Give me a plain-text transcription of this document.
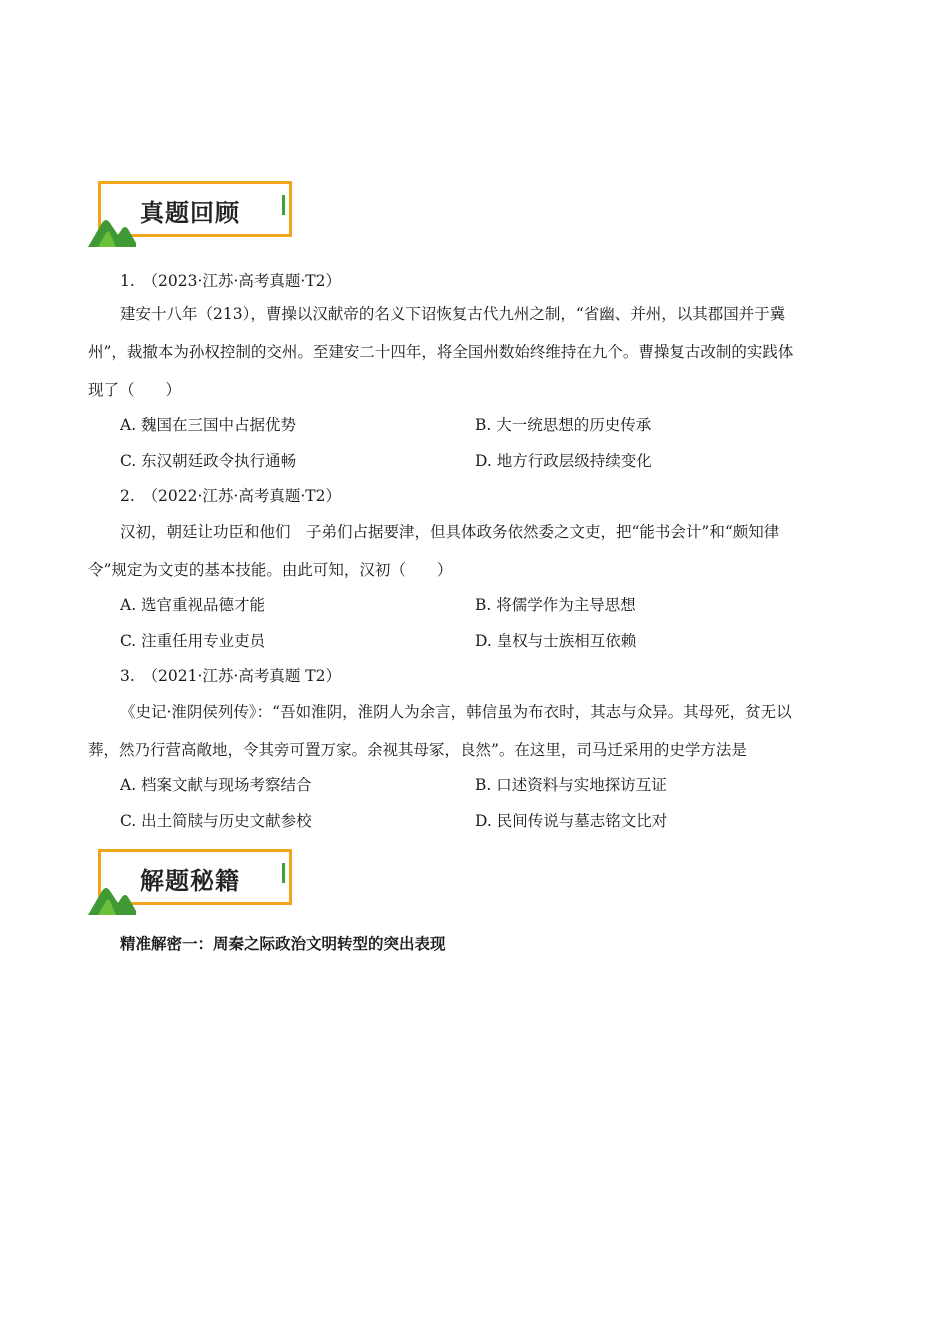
真题回顾
1.　（2023·江苏·高考真题·T2）
建安十八年（213），曹操以汉献帝的名义下诏恢复古代九州之制，“省幽、并州，以其郡国并于冀
州”，裁撤本为孙权控制的交州。至建安二十四年，将全国州数始终维持在九个。曹操复古改制的实践体
现了（　　）
A. 魏国在三国中占据优势	B. 大一统思想的历史传承
C. 东汉朝廷政令执行通畅	D. 地方行政层级持续变化
2.　（2022·江苏·高考真题·T2）
汉初，朝廷让功臣和他们　子弟们占据要津，但具体政务依然委之文吏，把“能书会计”和“颇知律
令”规定为文吏的基本技能。由此可知，汉初（　　）
A. 选官重视品德才能	B. 将儒学作为主导思想
C. 注重任用专业吏员	D. 皇权与士族相互依赖
3.　（2021·江苏·高考真题 T2）
《史记·淮阴侯列传》：“吾如淮阴，淮阴人为余言，韩信虽为布衣时，其志与众异。其母死，贫无以
葬，然乃行营高敞地，令其旁可置万家。余视其母冢，良然”。在这里，司马迁采用的史学方法是
A. 档案文献与现场考察结合	B. 口述资料与实地探访互证
C. 出土简牍与历史文献参校	D. 民间传说与墓志铭文比对
解题秘籍
精准解密一：周秦之际政治文明转型的突出表现
